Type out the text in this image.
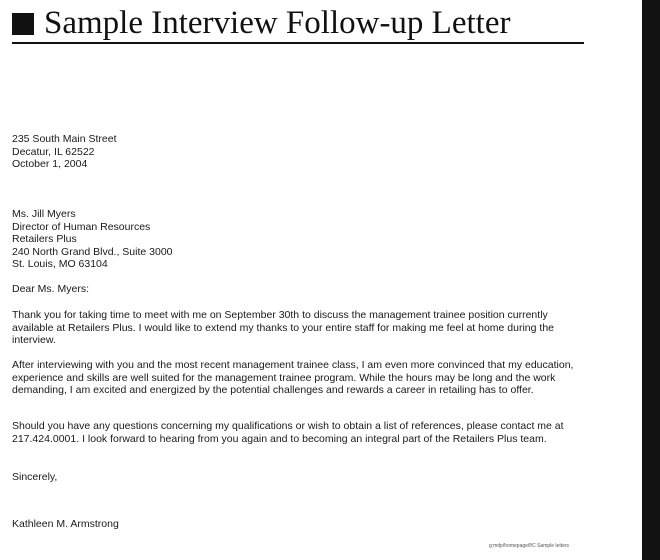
Sample Interview Follow-up Letter
235 South Main Street
Decatur, IL 62522
October 1, 2004
Ms. Jill Myers
Director of Human Resources
Retailers Plus
240 North Grand Blvd., Suite 3000
St. Louis, MO 63104
Dear Ms. Myers:
Thank you for taking time to meet with me on September 30th to discuss the management trainee position currently available at Retailers Plus. I would like to extend my thanks to your entire staff for making me feel at home during the interview.
After interviewing with you and the most recent management trainee class, I am even more convinced that my education, experience and skills are well suited for the management trainee program. While the hours may be long and the work demanding, I am excited and energized by the potential challenges and rewards a career in retailing has to offer.
Should you have any questions concerning my qualifications or wish to obtain a list of references, please contact me at 217.424.0001. I look forward to hearing from you again and to becoming an integral part of the Retailers Plus team.
Sincerely,
Kathleen M. Armstrong
g:mdp/homepage/f/C Sample letters
